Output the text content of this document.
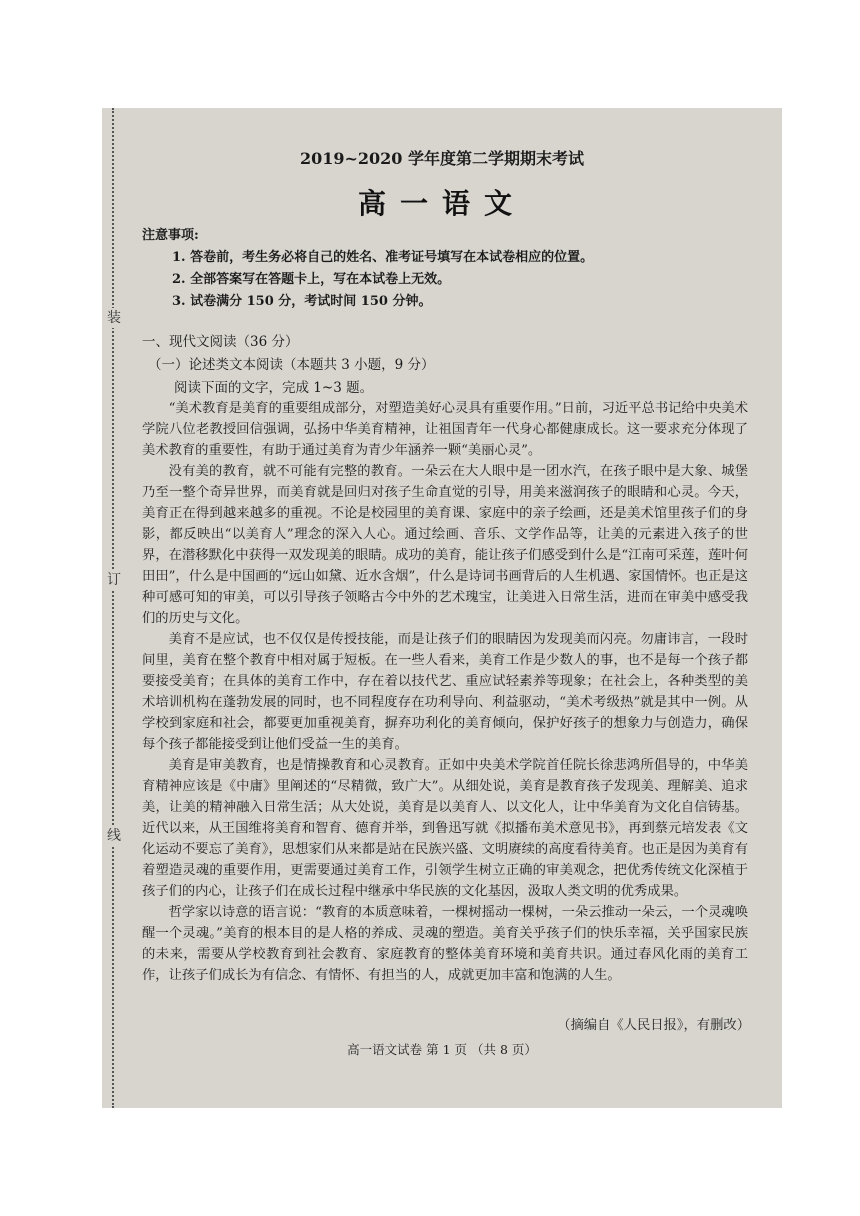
装
订
线
2019~2020 学年度第二学期期末考试
高一语文
注意事项:
1. 答卷前，考生务必将自己的姓名、准考证号填写在本试卷相应的位置。
2. 全部答案写在答题卡上，写在本试卷上无效。
3. 试卷满分 150 分，考试时间 150 分钟。
一、现代文阅读（36 分）
（一）论述类文本阅读（本题共 3 小题，9 分）
阅读下面的文字，完成 1~3 题。

“美术教育是美育的重要组成部分，对塑造美好心灵具有重要作用。”日前，习近平总书记给中央美术学院八位老教授回信强调，弘扬中华美育精神，让祖国青年一代身心都健康成长。这一要求充分体现了美术教育的重要性，有助于通过美育为青少年涵养一颗“美丽心灵”。

没有美的教育，就不可能有完整的教育。一朵云在大人眼中是一团水汽，在孩子眼中是大象、城堡乃至一整个奇异世界，而美育就是回归对孩子生命直觉的引导，用美来滋润孩子的眼睛和心灵。今天，美育正在得到越来越多的重视。不论是校园里的美育课、家庭中的亲子绘画，还是美术馆里孩子们的身影，都反映出“以美育人”理念的深入人心。通过绘画、音乐、文学作品等，让美的元素进入孩子的世界，在潜移默化中获得一双发现美的眼睛。成功的美育，能让孩子们感受到什么是“江南可采莲，莲叶何田田”，什么是中国画的“远山如黛、近水含烟”，什么是诗词书画背后的人生机遇、家国情怀。也正是这种可感可知的审美，可以引导孩子领略古今中外的艺术瑰宝，让美进入日常生活，进而在审美中感受我们的历史与文化。

美育不是应试，也不仅仅是传授技能，而是让孩子们的眼睛因为发现美而闪亮。勿庸讳言，一段时间里，美育在整个教育中相对属于短板。在一些人看来，美育工作是少数人的事，也不是每一个孩子都要接受美育；在具体的美育工作中，存在着以技代艺、重应试轻素养等现象；在社会上，各种类型的美术培训机构在蓬勃发展的同时，也不同程度存在功利导向、利益驱动，“美术考级热”就是其中一例。从学校到家庭和社会，都要更加重视美育，摒弃功利化的美育倾向，保护好孩子的想象力与创造力，确保每个孩子都能接受到让他们受益一生的美育。

美育是审美教育，也是情操教育和心灵教育。正如中央美术学院首任院长徐悲鸿所倡导的，中华美育精神应该是《中庸》里阐述的“尽精微，致广大”。从细处说，美育是教育孩子发现美、理解美、追求美，让美的精神融入日常生活；从大处说，美育是以美育人、以文化人，让中华美育为文化自信铸基。近代以来，从王国维将美育和智育、德育并举，到鲁迅写就《拟播布美术意见书》，再到蔡元培发表《文化运动不要忘了美育》，思想家们从来都是站在民族兴盛、文明赓续的高度看待美育。也正是因为美育有着塑造灵魂的重要作用，更需要通过美育工作，引领学生树立正确的审美观念，把优秀传统文化深植于孩子们的内心，让孩子们在成长过程中继承中华民族的文化基因，汲取人类文明的优秀成果。

哲学家以诗意的语言说：“教育的本质意味着，一棵树摇动一棵树，一朵云推动一朵云，一个灵魂唤醒一个灵魂。”美育的根本目的是人格的养成、灵魂的塑造。美育关乎孩子们的快乐幸福，关乎国家民族的未来，需要从学校教育到社会教育、家庭教育的整体美育环境和美育共识。通过春风化雨的美育工作，让孩子们成长为有信念、有情怀、有担当的人，成就更加丰富和饱满的人生。

（摘编自《人民日报》，有删改）
高一语文试卷 第 1 页 （共 8 页）
